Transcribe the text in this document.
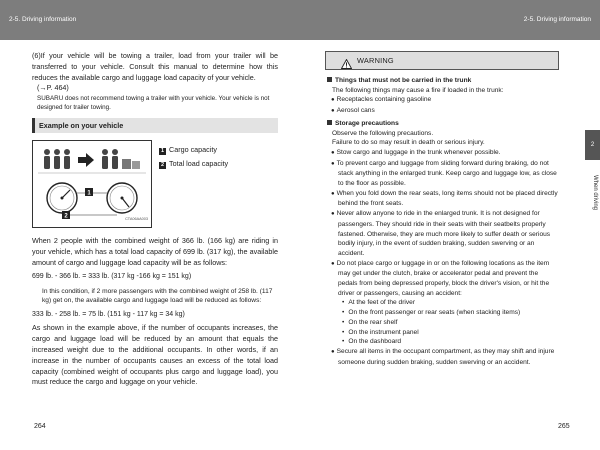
2-5. Driving information	2-5. Driving information
2
When driving
(6)If your vehicle will be towing a trailer, load from your trailer will be transferred to your vehicle. Consult this manual to determine how this reduces the available cargo and luggage load capacity of your vehicle.
(→P. 464)
SUBARU does not recommend towing a trailer with your vehicle. Your vehicle is not designed for trailer towing.
Example on your vehicle
1
2	CTA06AA003
1 Cargo capacity
2 Total load capacity
When 2 people with the combined weight of 366 lb. (166 kg) are riding in your vehicle, which has a total load capacity of 699 lb. (317 kg), the available amount of cargo and luggage load capacity will be as follows:
699 lb. - 366 lb. = 333 lb. (317 kg -166 kg = 151 kg)
In this condition, if 2 more passengers with the combined weight of 258 lb. (117 kg) get on, the available cargo and luggage load will be reduced as follows:
333 lb. - 258 lb. = 75 lb. (151 kg - 117 kg = 34 kg)
As shown in the example above, if the number of occupants increases, the cargo and luggage load will be reduced by an amount that equals the increased weight due to the additional occupants. In other words, if an increase in the number of occupants causes an excess of the total load capacity (combined weight of occupants plus cargo and luggage load), you must reduce the cargo and luggage on your vehicle.
264
WARNING
Things that must not be carried in the trunk
The following things may cause a fire if loaded in the trunk:
● Receptacles containing gasoline
● Aerosol cans
Storage precautions
Observe the following precautions.
Failure to do so may result in death or serious injury.
● Stow cargo and luggage in the trunk whenever possible.
● To prevent cargo and luggage from sliding forward during braking, do not stack anything in the enlarged trunk. Keep cargo and luggage low, as close to the floor as possible.
● When you fold down the rear seats, long items should not be placed directly behind the front seats.
● Never allow anyone to ride in the enlarged trunk. It is not designed for passengers. They should ride in their seats with their seatbelts properly fastened. Otherwise, they are much more likely to suffer death or serious bodily injury, in the event of sudden braking, sudden swerving or an accident.
● Do not place cargo or luggage in or on the following locations as the item may get under the clutch, brake or accelerator pedal and prevent the pedals from being depressed properly, block the driver's vision, or hit the driver or passengers, causing an accident:
• At the feet of the driver
• On the front passenger or rear seats (when stacking items)
• On the rear shelf
• On the instrument panel
• On the dashboard
● Secure all items in the occupant compartment, as they may shift and injure someone during sudden braking, sudden swerving or an accident.
265
